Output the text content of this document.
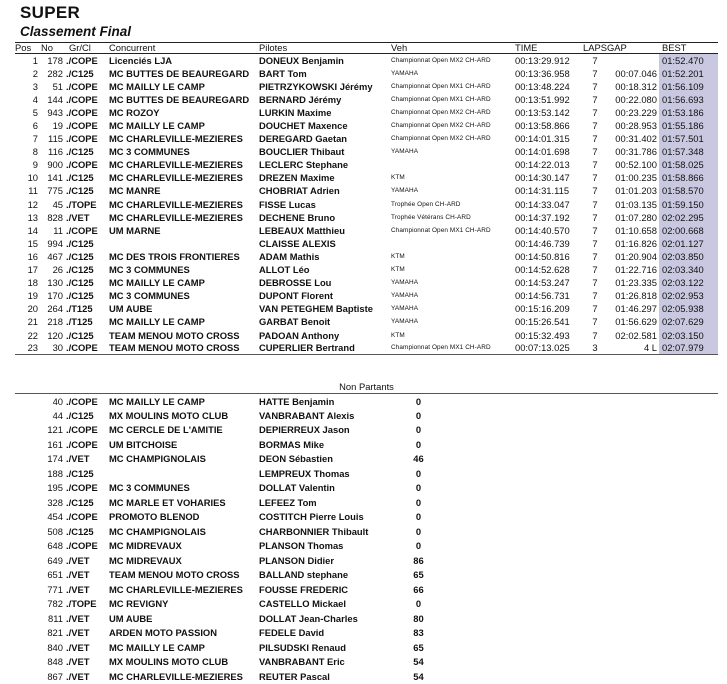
SUPER
Classement Final
Pos	No	Gr/Cl	Concurrent	Pilotes	Veh	TIME	LAPS	GAP	BEST
1	178	./COPE	Licenciés LJA	DONEUX Benjamin	Championnat Open MX2 CH-ARD	00:13:29.912	7		01:52.470
2	282	./C125	MC BUTTES DE BEAUREGARD	BART Tom	YAMAHA	00:13:36.958	7	00:07.046	01:52.201
3	51	./COPE	MC MAILLY LE CAMP	PIETRZYKOWSKI Jérémy	Championnat Open MX1 CH-ARD	00:13:48.224	7	00:18.312	01:56.109
4	144	./COPE	MC BUTTES DE BEAUREGARD	BERNARD Jérémy	Championnat Open MX1 CH-ARD	00:13:51.992	7	00:22.080	01:56.693
5	943	./COPE	MC ROZOY	LURKIN Maxime	Championnat Open MX2 CH-ARD	00:13:53.142	7	00:23.229	01:53.186
6	19	./COPE	MC MAILLY LE CAMP	DOUCHET Maxence	Championnat Open MX2 CH-ARD	00:13:58.866	7	00:28.953	01:55.186
7	115	./COPE	MC CHARLEVILLE-MEZIERES	DEREGARD Gaetan	Championnat Open MX2 CH-ARD	00:14:01.315	7	00:31.402	01:57.501
8	116	./C125	MC 3 COMMUNES	BOUCLIER Thibaut	YAMAHA	00:14:01.698	7	00:31.786	01:57.348
9	900	./COPE	MC CHARLEVILLE-MEZIERES	LECLERC Stephane		00:14:22.013	7	00:52.100	01:58.025
10	141	./C125	MC CHARLEVILLE-MEZIERES	DREZEN Maxime	KTM	00:14:30.147	7	01:00.235	01:58.866
11	775	./C125	MC MANRE	CHOBRIAT Adrien	YAMAHA	00:14:31.115	7	01:01.203	01:58.570
12	45	./TOPE	MC CHARLEVILLE-MEZIERES	FISSE Lucas	Trophée Open CH-ARD	00:14:33.047	7	01:03.135	01:59.150
13	828	./VET	MC CHARLEVILLE-MEZIERES	DECHENE Bruno	Trophée Vétérans CH-ARD	00:14:37.192	7	01:07.280	02:02.295
14	11	./COPE	UM MARNE	LEBEAUX Matthieu	Championnat Open MX1 CH-ARD	00:14:40.570	7	01:10.658	02:00.668
15	994	./C125		CLAISSE ALEXIS		00:14:46.739	7	01:16.826	02:01.127
16	467	./C125	MC DES TROIS FRONTIERES	ADAM Mathis	KTM	00:14:50.816	7	01:20.904	02:03.850
17	26	./C125	MC 3 COMMUNES	ALLOT Léo	KTM	00:14:52.628	7	01:22.716	02:03.340
18	130	./C125	MC MAILLY LE CAMP	DEBROSSE Lou	YAMAHA	00:14:53.247	7	01:23.335	02:03.122
19	170	./C125	MC 3 COMMUNES	DUPONT Florent	YAMAHA	00:14:56.731	7	01:26.818	02:02.953
20	264	./T125	UM AUBE	VAN PETEGHEM Baptiste	YAMAHA	00:15:16.209	7	01:46.297	02:05.938
21	218	./T125	MC MAILLY LE CAMP	GARBAT Benoit	YAMAHA	00:15:26.541	7	01:56.629	02:07.629
22	120	./C125	TEAM MENOU MOTO CROSS	PADOAN Anthony	KTM	00:15:32.493	7	02:02.581	02:03.150
23	30	./COPE	TEAM MENOU MOTO CROSS	CUPERLIER Bertrand	Championnat Open MX1 CH-ARD	00:07:13.025	3	4 L	02:07.979
Non Partants						
	40	./COPE	MC MAILLY LE CAMP	HATTE Benjamin	0	
	44	./C125	MX MOULINS MOTO CLUB	VANBRABANT Alexis	0	
	121	./COPE	MC CERCLE DE L'AMITIE	DEPIERREUX Jason	0	
	161	./COPE	UM BITCHOISE	BORMAS Mike	0	
	174	./VET	MC CHAMPIGNOLAIS	DEON Sébastien	46	
	188	./C125		LEMPREUX Thomas	0	
	195	./COPE	MC 3 COMMUNES	DOLLAT Valentin	0	
	328	./C125	MC MARLE ET VOHARIES	LEFEEZ Tom	0	
	454	./COPE	PROMOTO BLENOD	COSTITCH Pierre Louis	0	
	508	./C125	MC CHAMPIGNOLAIS	CHARBONNIER Thibault	0	
	648	./COPE	MC MIDREVAUX	PLANSON Thomas	0	
	649	./VET	MC MIDREVAUX	PLANSON Didier	86	
	651	./VET	TEAM MENOU MOTO CROSS	BALLAND stephane	65	
	771	./VET	MC CHARLEVILLE-MEZIERES	FOUSSE FREDERIC	66	
	782	./TOPE	MC REVIGNY	CASTELLO Mickael	0	
	811	./VET	UM AUBE	DOLLAT Jean-Charles	80	
	821	./VET	ARDEN MOTO PASSION	FEDELE David	83	
	840	./VET	MC MAILLY LE CAMP	PILSUDSKI Renaud	65	
	848	./VET	MX MOULINS MOTO CLUB	VANBRABANT Eric	54	
	867	./VET	MC CHARLEVILLE-MEZIERES	REUTER Pascal	54	
